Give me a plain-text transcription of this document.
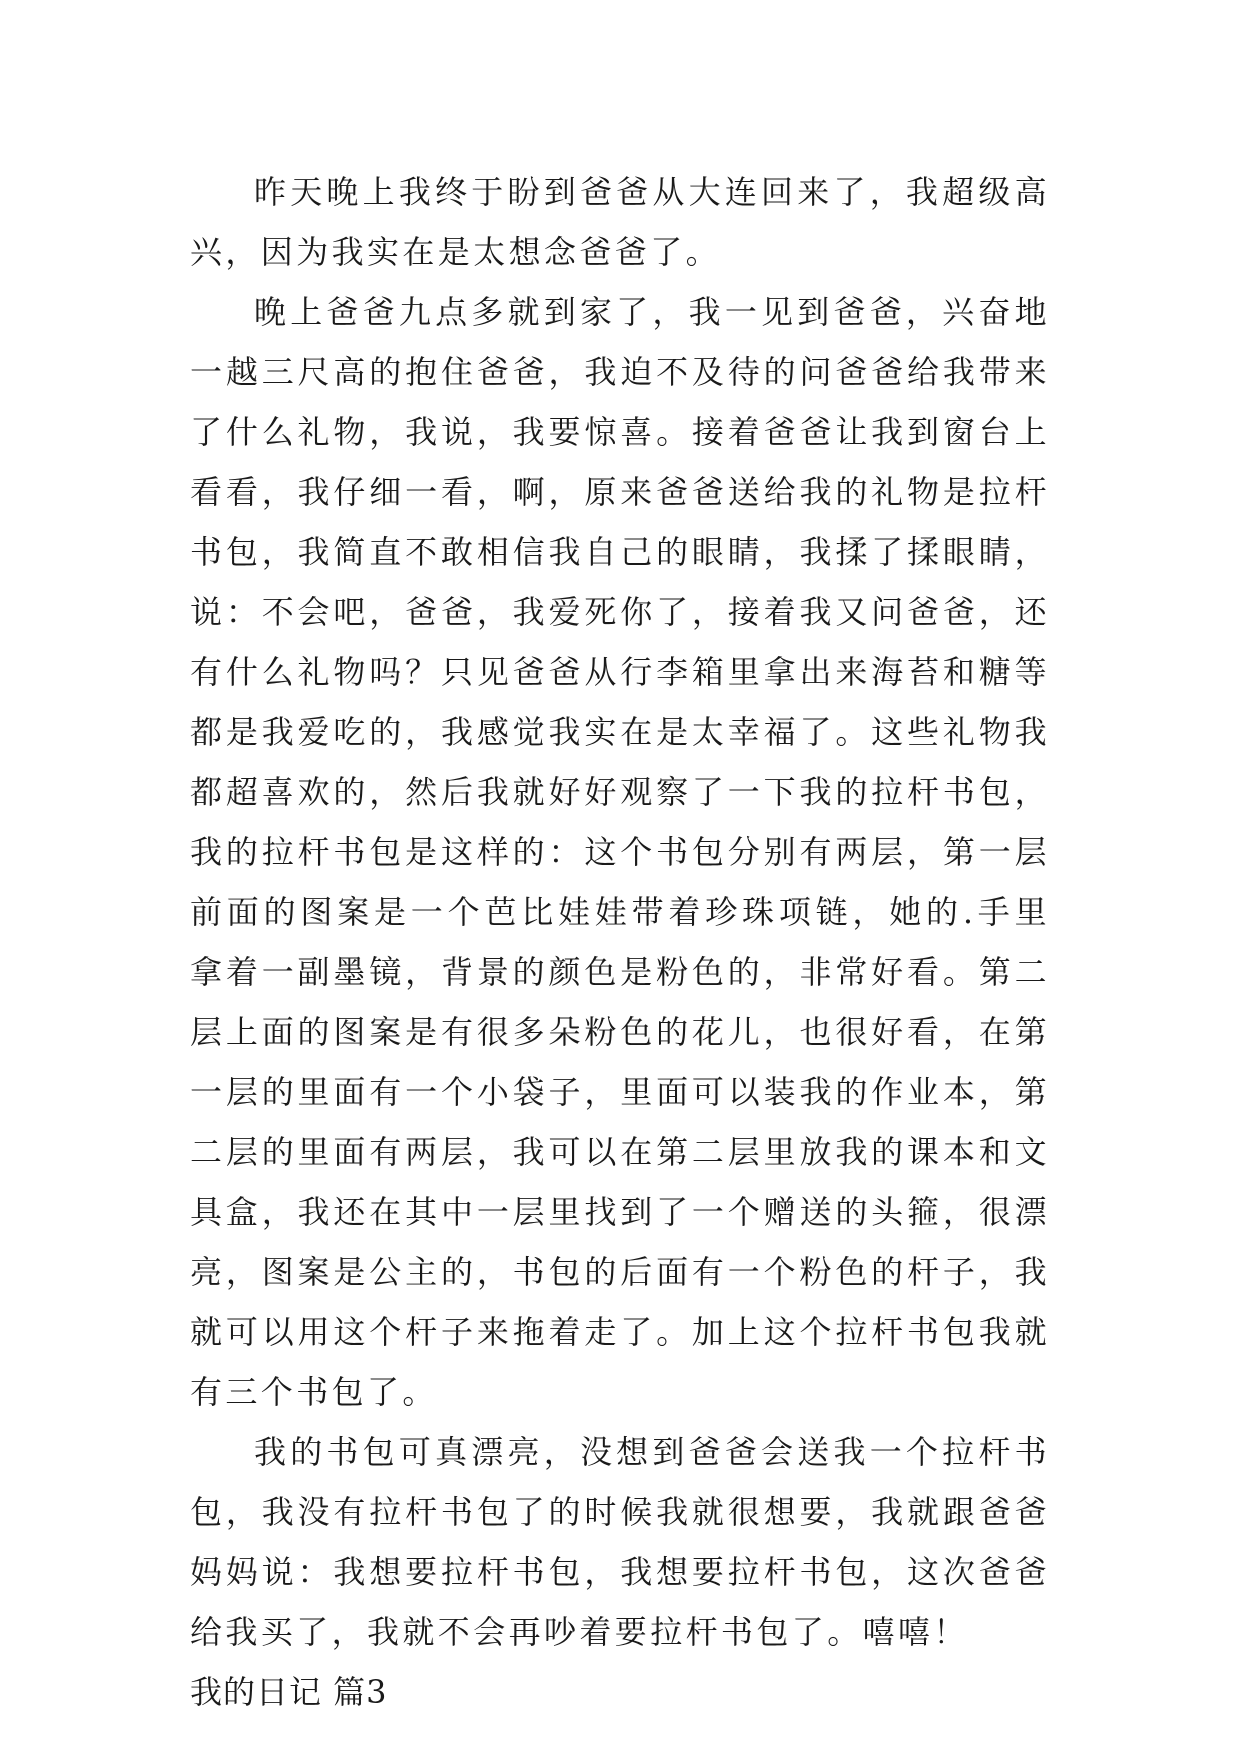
昨天晚上我终于盼到爸爸从大连回来了，我超级高兴，因为我实在是太想念爸爸了。

晚上爸爸九点多就到家了，我一见到爸爸，兴奋地一越三尺高的抱住爸爸，我迫不及待的问爸爸给我带来了什么礼物，我说，我要惊喜。接着爸爸让我到窗台上看看，我仔细一看，啊，原来爸爸送给我的礼物是拉杆书包，我简直不敢相信我自己的眼睛，我揉了揉眼睛，说：不会吧，爸爸，我爱死你了，接着我又问爸爸，还有什么礼物吗？只见爸爸从行李箱里拿出来海苔和糖等都是我爱吃的，我感觉我实在是太幸福了。这些礼物我都超喜欢的，然后我就好好观察了一下我的拉杆书包，我的拉杆书包是这样的：这个书包分别有两层，第一层前面的图案是一个芭比娃娃带着珍珠项链，她的.手里拿着一副墨镜，背景的颜色是粉色的，非常好看。第二层上面的图案是有很多朵粉色的花儿，也很好看，在第一层的里面有一个小袋子，里面可以装我的作业本，第二层的里面有两层，我可以在第二层里放我的课本和文具盒，我还在其中一层里找到了一个赠送的头箍，很漂亮，图案是公主的，书包的后面有一个粉色的杆子，我就可以用这个杆子来拖着走了。加上这个拉杆书包我就有三个书包了。

我的书包可真漂亮，没想到爸爸会送我一个拉杆书包，我没有拉杆书包了的时候我就很想要，我就跟爸爸妈妈说：我想要拉杆书包，我想要拉杆书包，这次爸爸给我买了，我就不会再吵着要拉杆书包了。嘻嘻！

我的日记 篇3
